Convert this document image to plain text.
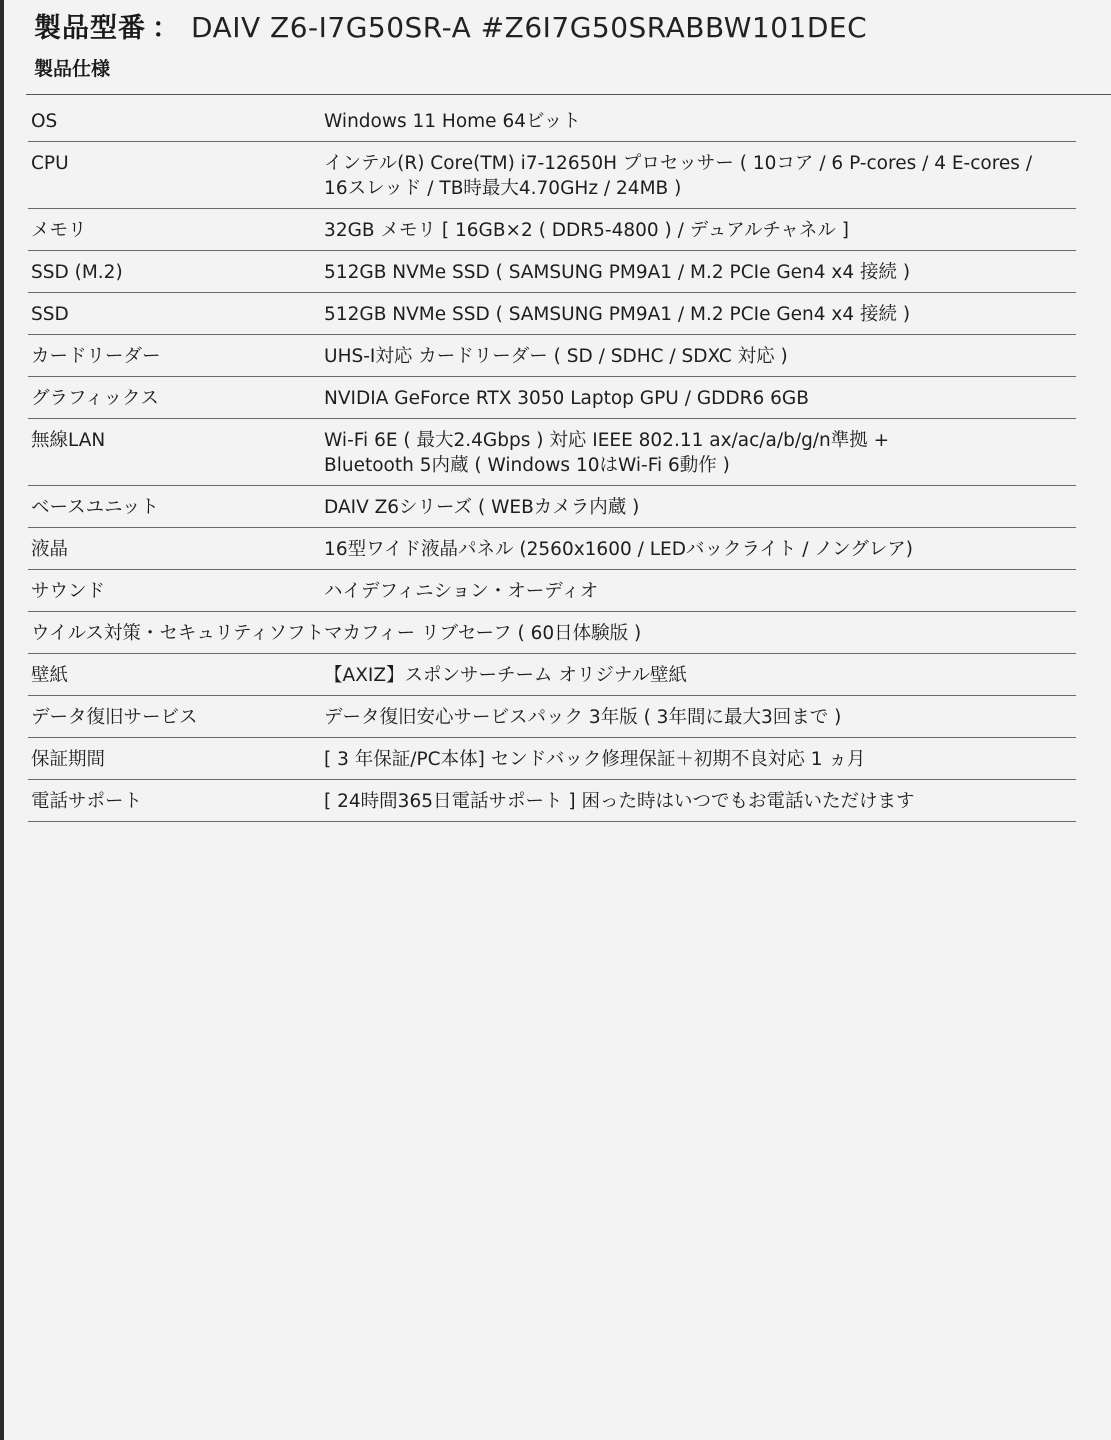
製品型番 ： DAIV Z6-I7G50SR-A #Z6I7G50SRABBW101DEC
製品仕様
OS	Windows 11 Home 64ビット

CPU	インテル(R) Core(TM) i7-12650H プロセッサー ( 10コア / 6 P-cores / 4 E-cores /
16スレッド / TB時最大4.70GHz / 24MB )

メモリ	32GB メモリ [ 16GB×2 ( DDR5-4800 ) / デュアルチャネル ]

SSD (M.2)	512GB NVMe SSD ( SAMSUNG PM9A1 / M.2 PCIe Gen4 x4 接続 )

SSD	512GB NVMe SSD ( SAMSUNG PM9A1 / M.2 PCIe Gen4 x4 接続 )

カードリーダー	UHS-I対応 カードリーダー ( SD / SDHC / SDXC 対応 )

グラフィックス	NVIDIA GeForce RTX 3050 Laptop GPU / GDDR6 6GB

無線LAN	Wi-Fi 6E ( 最大2.4Gbps ) 対応 IEEE 802.11 ax/ac/a/b/g/n準拠 +
Bluetooth 5内蔵 ( Windows 10はWi-Fi 6動作 )

ベースユニット	DAIV Z6シリーズ ( WEBカメラ内蔵 )

液晶	16型ワイド液晶パネル (2560x1600 / LEDバックライト / ノングレア)

サウンド	ハイデフィニション・オーディオ

ウイルス対策・セキュリティソフト	マカフィー リブセーフ ( 60日体験版 )

壁紙	【AXIZ】スポンサーチーム オリジナル壁紙

データ復旧サービス	データ復旧安心サービスパック 3年版 ( 3年間に最大3回まで )

保証期間	[ 3 年保証/PC本体] センドバック修理保証＋初期不良対応 1 ヵ月

電話サポート	[ 24時間365日電話サポート ] 困った時はいつでもお電話いただけます
